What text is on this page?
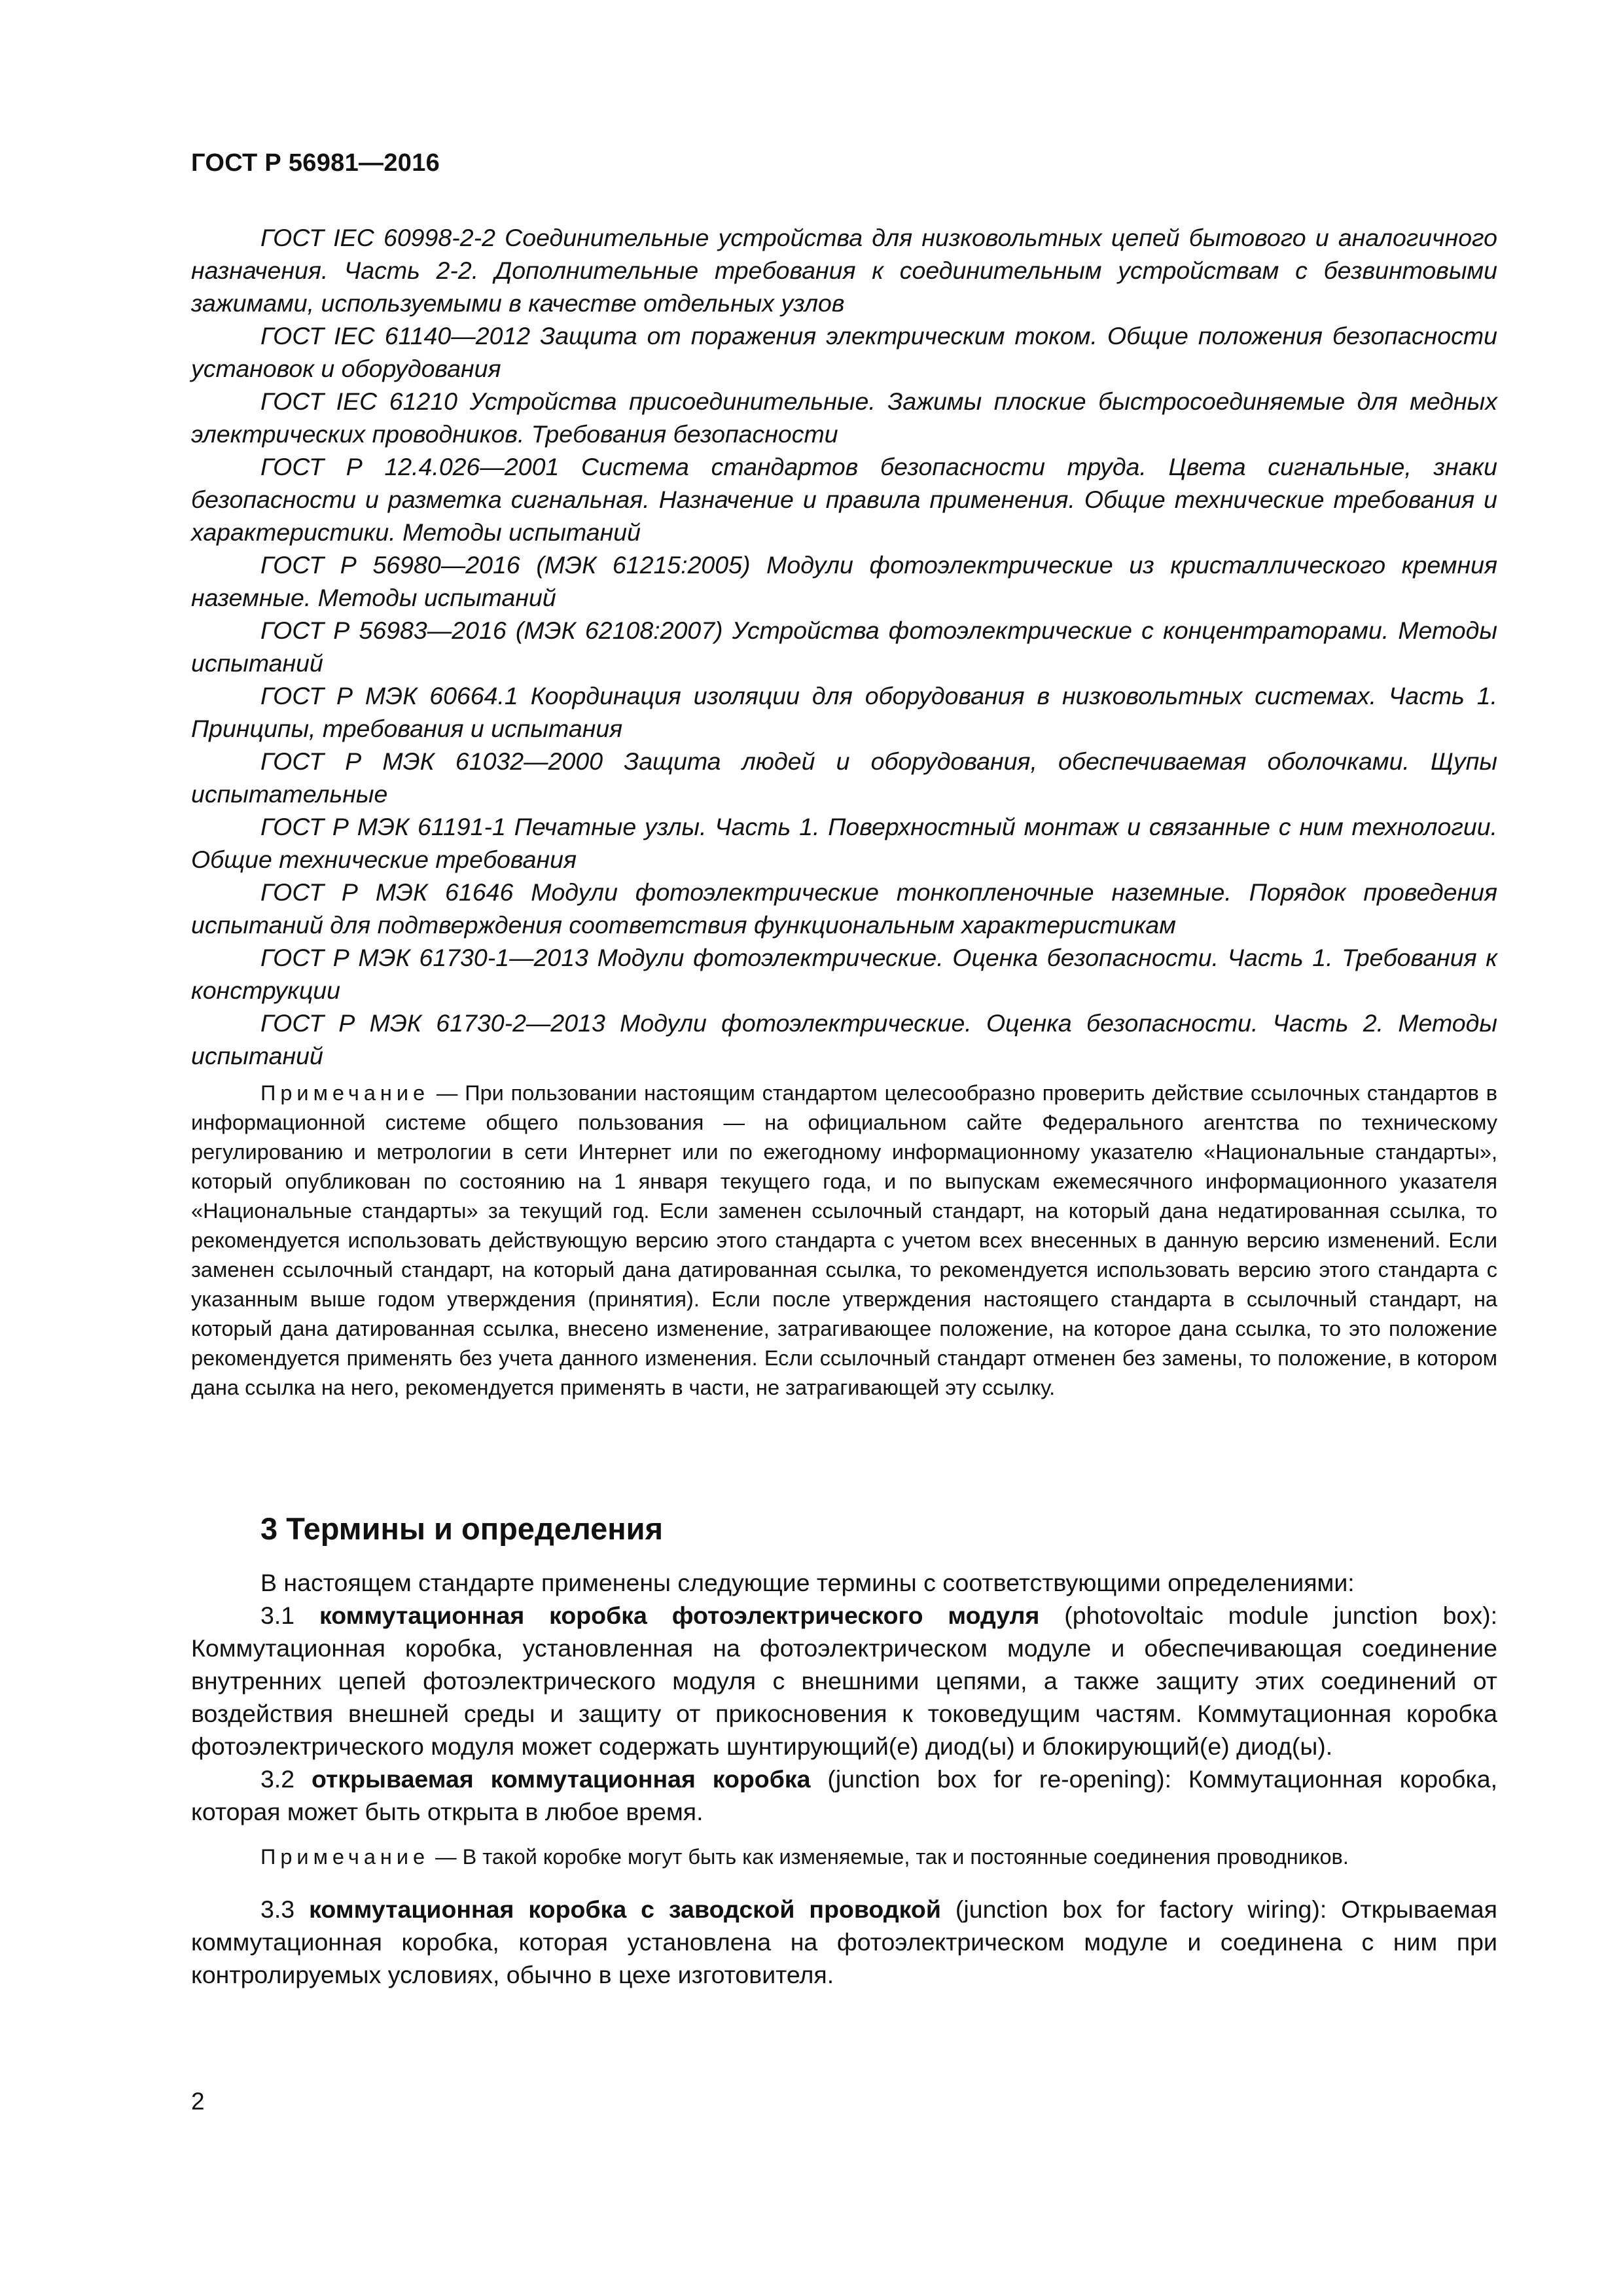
ГОСТ Р 56981—2016

ГОСТ IEC 60998-2-2 Соединительные устройства для низковольтных цепей бытового и аналогичного назначения. Часть 2-2. Дополнительные требования к соединительным устройствам с безвинтовыми зажимами, используемыми в качестве отдельных узлов

ГОСТ IEC 61140—2012 Защита от поражения электрическим током. Общие положения безопасности установок и оборудования

ГОСТ IEC 61210 Устройства присоединительные. Зажимы плоские быстросоединяемые для медных электрических проводников. Требования безопасности

ГОСТ Р 12.4.026—2001 Система стандартов безопасности труда. Цвета сигнальные, знаки безопасности и разметка сигнальная. Назначение и правила применения. Общие технические требования и характеристики. Методы испытаний

ГОСТ Р 56980—2016 (МЭК 61215:2005) Модули фотоэлектрические из кристаллического кремния наземные. Методы испытаний

ГОСТ Р 56983—2016 (МЭК 62108:2007) Устройства фотоэлектрические с концентраторами. Методы испытаний

ГОСТ Р МЭК 60664.1 Координация изоляции для оборудования в низковольтных системах. Часть 1. Принципы, требования и испытания

ГОСТ Р МЭК 61032—2000 Защита людей и оборудования, обеспечиваемая оболочками. Щупы испытательные

ГОСТ Р МЭК 61191-1 Печатные узлы. Часть 1. Поверхностный монтаж и связанные с ним технологии. Общие технические требования

ГОСТ Р МЭК 61646 Модули фотоэлектрические тонкопленочные наземные. Порядок проведения испытаний для подтверждения соответствия функциональным характеристикам

ГОСТ Р МЭК 61730-1—2013 Модули фотоэлектрические. Оценка безопасности. Часть 1. Требования к конструкции

ГОСТ Р МЭК 61730-2—2013 Модули фотоэлектрические. Оценка безопасности. Часть 2. Методы испытаний

Примечание — При пользовании настоящим стандартом целесообразно проверить действие ссылочных стандартов в информационной системе общего пользования — на официальном сайте Федерального агентства по техническому регулированию и метрологии в сети Интернет или по ежегодному информационному указателю «Национальные стандарты», который опубликован по состоянию на 1 января текущего года, и по выпускам ежемесячного информационного указателя «Национальные стандарты» за текущий год. Если заменен ссылочный стандарт, на который дана недатированная ссылка, то рекомендуется использовать действующую версию этого стандарта с учетом всех внесенных в данную версию изменений. Если заменен ссылочный стандарт, на который дана датированная ссылка, то рекомендуется использовать версию этого стандарта с указанным выше годом утверждения (принятия). Если после утверждения настоящего стандарта в ссылочный стандарт, на который дана датированная ссылка, внесено изменение, затрагивающее положение, на которое дана ссылка, то это положение рекомендуется применять без учета данного изменения. Если ссылочный стандарт отменен без замены, то положение, в котором дана ссылка на него, рекомендуется применять в части, не затрагивающей эту ссылку.

3 Термины и определения

В настоящем стандарте применены следующие термины с соответствующими определениями:

3.1 коммутационная коробка фотоэлектрического модуля (photovoltaic module junction box): Коммутационная коробка, установленная на фотоэлектрическом модуле и обеспечивающая соединение внутренних цепей фотоэлектрического модуля с внешними цепями, а также защиту этих соединений от воздействия внешней среды и защиту от прикосновения к токоведущим частям. Коммутационная коробка фотоэлектрического модуля может содержать шунтирующий(е) диод(ы) и блокирующий(е) диод(ы).

3.2 открываемая коммутационная коробка (junction box for re-opening): Коммутационная коробка, которая может быть открыта в любое время.

Примечание — В такой коробке могут быть как изменяемые, так и постоянные соединения проводников.

3.3 коммутационная коробка с заводской проводкой (junction box for factory wiring): Открываемая коммутационная коробка, которая установлена на фотоэлектрическом модуле и соединена с ним при контролируемых условиях, обычно в цехе изготовителя.

2
